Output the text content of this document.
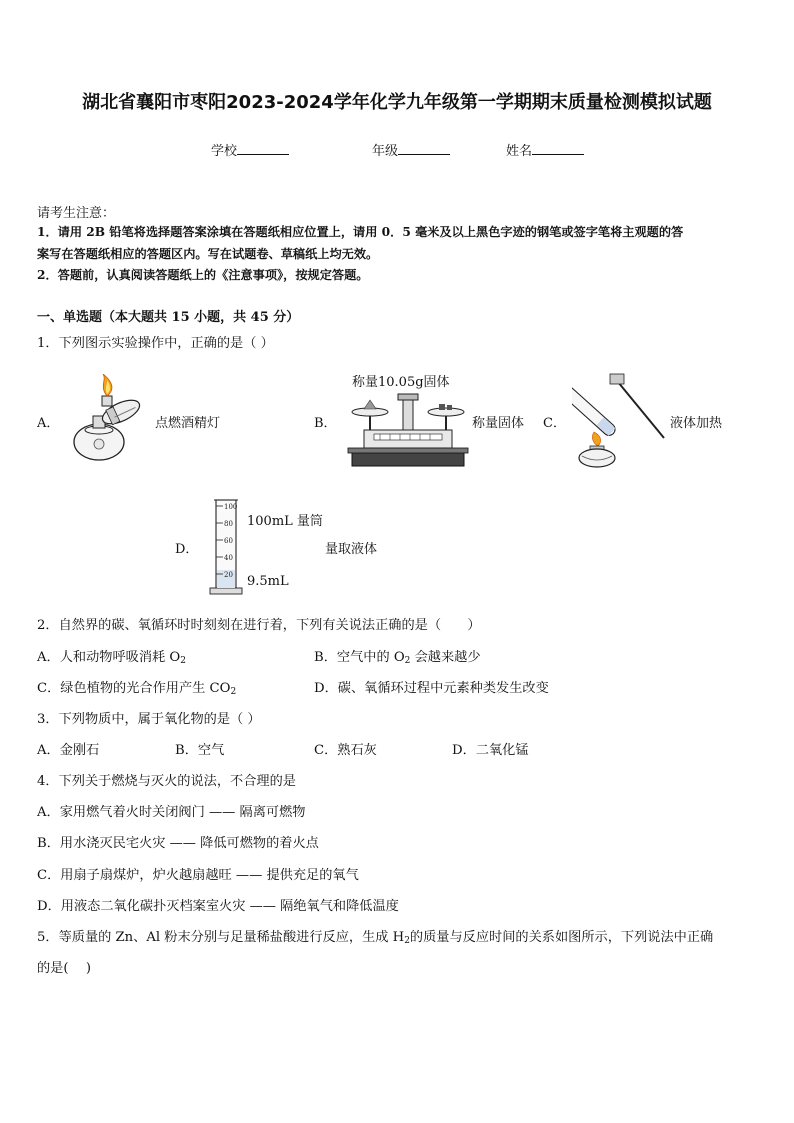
湖北省襄阳市枣阳2023-2024学年化学九年级第一学期期末质量检测模拟试题
学校	年级	姓名
请考生注意：
1．请用 2B 铅笔将选择题答案涂填在答题纸相应位置上，请用 0．5 毫米及以上黑色字迹的钢笔或签字笔将主观题的答
案写在答题纸相应的答题区内。写在试题卷、草稿纸上均无效。
2．答题前，认真阅读答题纸上的《注意事项》，按规定答题。
一、单选题（本大题共 15 小题，共 45 分）
1．下列图示实验操作中，正确的是（ ）
A．	点燃酒精灯	B．
称量10.05g固体
称量固体 C．	液体加热
D．
100
80
60
40
20
100mL 量筒
量取液体
9.5mL
2．自然界的碳、氧循环时时刻刻在进行着，下列有关说法正确的是（　　）
A．人和动物呼吸消耗 $O_2$	B．空气中的 $O_2$ 会越来越少
C．绿色植物的光合作用产生 $CO_2$	D．碳、氧循环过程中元素种类发生改变
3．下列物质中，属于氧化物的是（ ）
A．金刚石	B．空气	C．熟石灰	D．二氧化锰
4．下列关于燃烧与灭火的说法，不合理的是
A．家用燃气着火时关闭阀门 —— 隔离可燃物
B．用水浇灭民宅火灾 —— 降低可燃物的着火点
C．用扇子扇煤炉，炉火越扇越旺 —— 提供充足的氧气
D．用液态二氧化碳扑灭档案室火灾 —— 隔绝氧气和降低温度
5．等质量的 Zn、Al 粉末分别与足量稀盐酸进行反应，生成 $H_2$的质量与反应时间的关系如图所示，下列说法中正确
的是(　 )
